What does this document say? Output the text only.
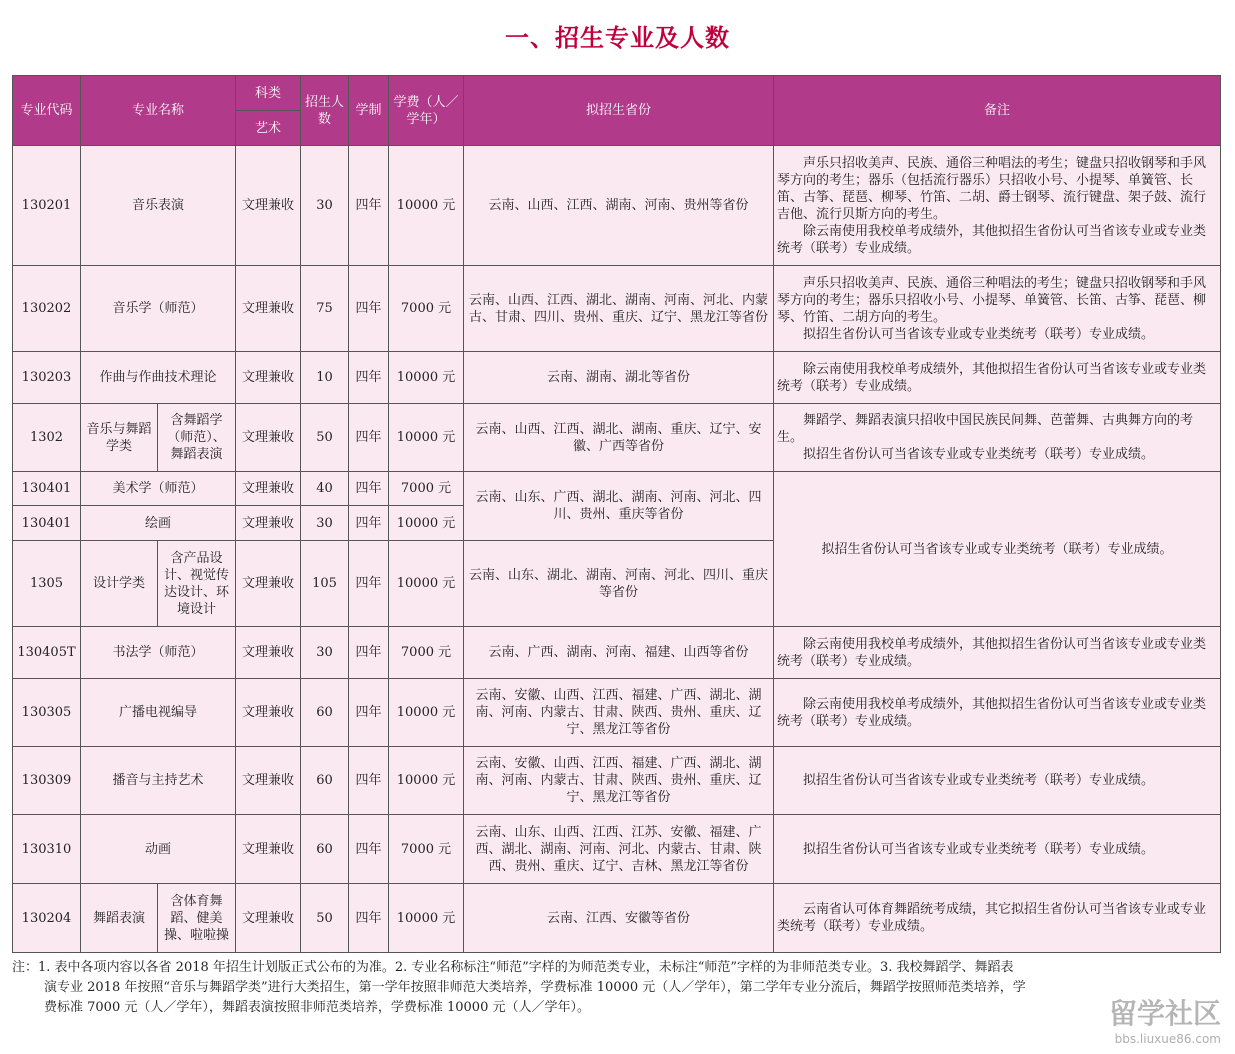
一、招生专业及人数
专业代码	专业名称		科类	招生人数	学制	学费（人／学年）	拟招生省份	备注
			艺术					
130201	音乐表演		文理兼收	30	四年	10000 元	云南、山西、江西、湖南、河南、贵州等省份	　　声乐只招收美声、民族、通俗三种唱法的考生；键盘只招收钢琴和手风琴方向的考生；器乐（包括流行器乐）只招收小号、小提琴、单簧管、长笛、古筝、琵琶、柳琴、竹笛、二胡、爵士钢琴、流行键盘、架子鼓、流行吉他、流行贝斯方向的考生。
　　除云南使用我校单考成绩外，其他拟招生省份认可当省该专业或专业类统考（联考）专业成绩。
130202	音乐学（师范）		文理兼收	75	四年	7000 元	云南、山西、江西、湖北、湖南、河南、河北、内蒙古、甘肃、四川、贵州、重庆、辽宁、黑龙江等省份	　　声乐只招收美声、民族、通俗三种唱法的考生；键盘只招收钢琴和手风琴方向的考生；器乐只招收小号、小提琴、单簧管、长笛、古筝、琵琶、柳琴、竹笛、二胡方向的考生。
　　拟招生省份认可当省该专业或专业类统考（联考）专业成绩。
130203	作曲与作曲技术理论		文理兼收	10	四年	10000 元	云南、湖南、湖北等省份	　　除云南使用我校单考成绩外，其他拟招生省份认可当省该专业或专业类统考（联考）专业成绩。
1302	音乐与舞蹈学类	含舞蹈学（师范）、舞蹈表演	文理兼收	50	四年	10000 元	云南、山西、江西、湖北、湖南、重庆、辽宁、安徽、广西等省份	　　舞蹈学、舞蹈表演只招收中国民族民间舞、芭蕾舞、古典舞方向的考生。
　　拟招生省份认可当省该专业或专业类统考（联考）专业成绩。
130401	美术学（师范）		文理兼收	40	四年	7000 元	云南、山东、广西、湖北、湖南、河南、河北、四川、贵州、重庆等省份	拟招生省份认可当省该专业或专业类统考（联考）专业成绩。
130401	绘画		文理兼收	30	四年	10000 元		
1305	设计学类	含产品设计、视觉传达设计、环境设计	文理兼收	105	四年	10000 元	云南、山东、湖北、湖南、河南、河北、四川、重庆等省份	
130405T	书法学（师范）		文理兼收	30	四年	7000 元	云南、广西、湖南、河南、福建、山西等省份	　　除云南使用我校单考成绩外，其他拟招生省份认可当省该专业或专业类统考（联考）专业成绩。
130305	广播电视编导		文理兼收	60	四年	10000 元	云南、安徽、山西、江西、福建、广西、湖北、湖南、河南、内蒙古、甘肃、陕西、贵州、重庆、辽宁、黑龙江等省份	　　除云南使用我校单考成绩外，其他拟招生省份认可当省该专业或专业类统考（联考）专业成绩。
130309	播音与主持艺术		文理兼收	60	四年	10000 元	云南、安徽、山西、江西、福建、广西、湖北、湖南、河南、内蒙古、甘肃、陕西、贵州、重庆、辽宁、黑龙江等省份	　　拟招生省份认可当省该专业或专业类统考（联考）专业成绩。
130310	动画		文理兼收	60	四年	7000 元	云南、山东、山西、江西、江苏、安徽、福建、广西、湖北、湖南、河南、河北、内蒙古、甘肃、陕西、贵州、重庆、辽宁、吉林、黑龙江等省份	　　拟招生省份认可当省该专业或专业类统考（联考）专业成绩。
130204	舞蹈表演	含体育舞蹈、健美操、啦啦操	文理兼收	50	四年	10000 元	云南、江西、安徽等省份	　　云南省认可体育舞蹈统考成绩，其它拟招生省份认可当省该专业或专业类统考（联考）专业成绩。
注：1. 表中各项内容以各省 2018 年招生计划版正式公布的为准。2. 专业名称标注“师范”字样的为师范类专业，未标注“师范”字样的为非师范类专业。3. 我校舞蹈学、舞蹈表
演专业 2018 年按照“音乐与舞蹈学类”进行大类招生，第一学年按照非师范大类培养，学费标准 10000 元（人／学年），第二学年专业分流后，舞蹈学按照师范类培养，学
费标准 7000 元（人／学年），舞蹈表演按照非师范类培养，学费标准 10000 元（人／学年）。	留学社区
bbs.liuxue86.com
